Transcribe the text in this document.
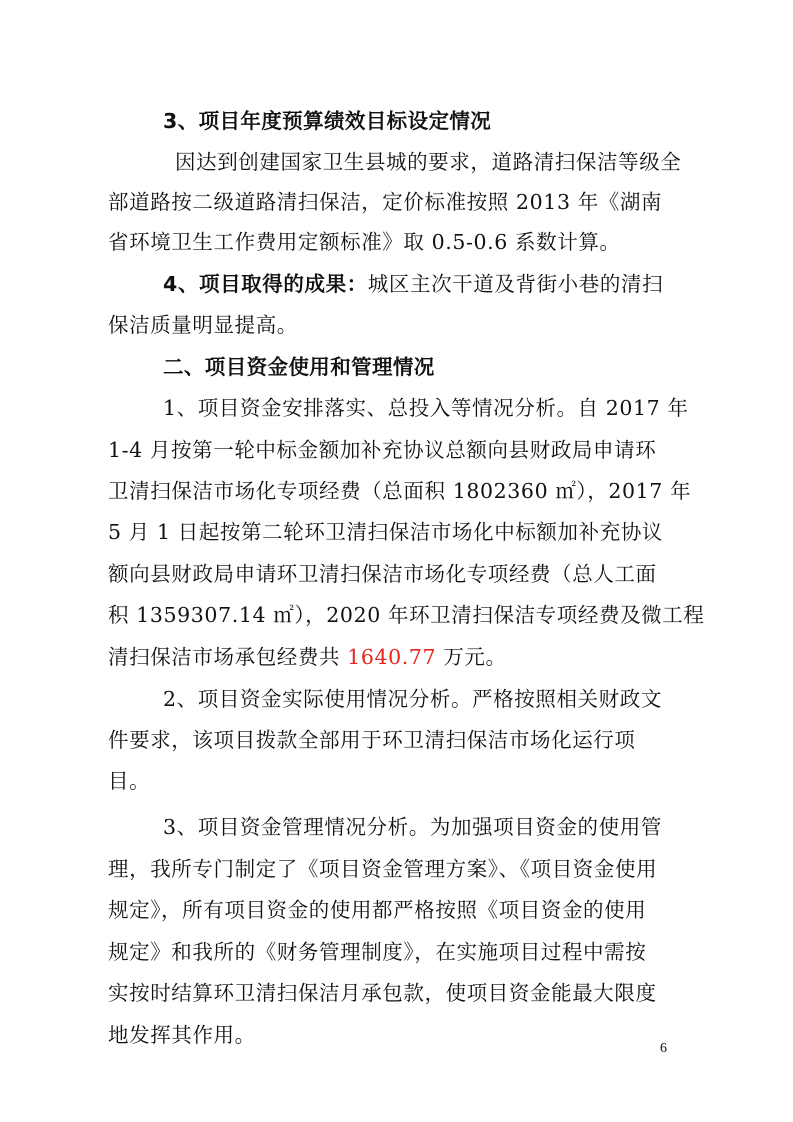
3、项目年度预算绩效目标设定情况

因达到创建国家卫生县城的要求，道路清扫保洁等级全

部道路按二级道路清扫保洁，定价标准按照 2013 年《湖南

省环境卫生工作费用定额标准》取 0.5-0.6 系数计算。

4、项目取得的成果：城区主次干道及背街小巷的清扫

保洁质量明显提高。

二、项目资金使用和管理情况

1、项目资金安排落实、总投入等情况分析。自 2017 年

1-4 月按第一轮中标金额加补充协议总额向县财政局申请环

卫清扫保洁市场化专项经费（总面积 1802360 ㎡），2017 年

5 月 1 日起按第二轮环卫清扫保洁市场化中标额加补充协议

额向县财政局申请环卫清扫保洁市场化专项经费（总人工面

积 1359307.14 ㎡），2020 年环卫清扫保洁专项经费及微工程

清扫保洁市场承包经费共 1640.77 万元。

2、项目资金实际使用情况分析。严格按照相关财政文

件要求，该项目拨款全部用于环卫清扫保洁市场化运行项

目。

3、项目资金管理情况分析。为加强项目资金的使用管

理，我所专门制定了《项目资金管理方案》、《项目资金使用

规定》，所有项目资金的使用都严格按照《项目资金的使用

规定》和我所的《财务管理制度》，在实施项目过程中需按

实按时结算环卫清扫保洁月承包款，使项目资金能最大限度

地发挥其作用。

6
